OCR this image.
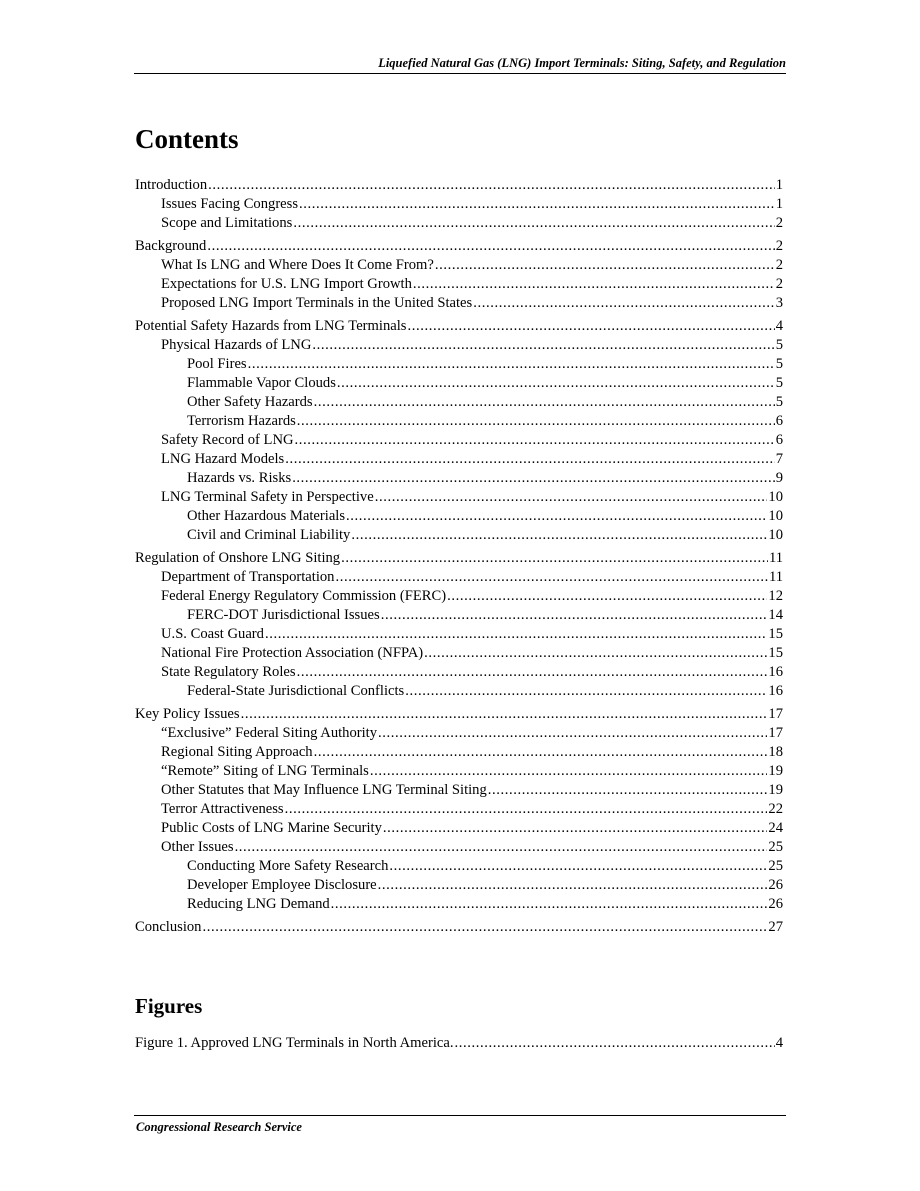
Liquefied Natural Gas (LNG) Import Terminals: Siting, Safety, and Regulation
Contents
Introduction .....	1
Issues Facing Congress .....	1
Scope and Limitations .....	2
Background .....	2
What Is LNG and Where Does It Come From? .....	2
Expectations for U.S. LNG Import Growth .....	2
Proposed LNG Import Terminals in the United States .....	3
Potential Safety Hazards from LNG Terminals .....	4
Physical Hazards of LNG .....	5
Pool Fires .....	5
Flammable Vapor Clouds .....	5
Other Safety Hazards .....	5
Terrorism Hazards .....	6
Safety Record of LNG .....	6
LNG Hazard Models .....	7
Hazards vs. Risks .....	9
LNG Terminal Safety in Perspective .....	10
Other Hazardous Materials .....	10
Civil and Criminal Liability .....	10
Regulation of Onshore LNG Siting .....	11
Department of Transportation .....	11
Federal Energy Regulatory Commission (FERC) .....	12
FERC-DOT Jurisdictional Issues .....	14
U.S. Coast Guard .....	15
National Fire Protection Association (NFPA) .....	15
State Regulatory Roles .....	16
Federal-State Jurisdictional Conflicts .....	16
Key Policy Issues .....	17
“Exclusive” Federal Siting Authority .....	17
Regional Siting Approach .....	18
“Remote” Siting of LNG Terminals .....	19
Other Statutes that May Influence LNG Terminal Siting .....	19
Terror Attractiveness .....	22
Public Costs of LNG Marine Security .....	24
Other Issues .....	25
Conducting More Safety Research .....	25
Developer Employee Disclosure .....	26
Reducing LNG Demand .....	26
Conclusion .....	27
Figures
Figure 1. Approved LNG Terminals in North America. .....	4
Congressional Research Service
